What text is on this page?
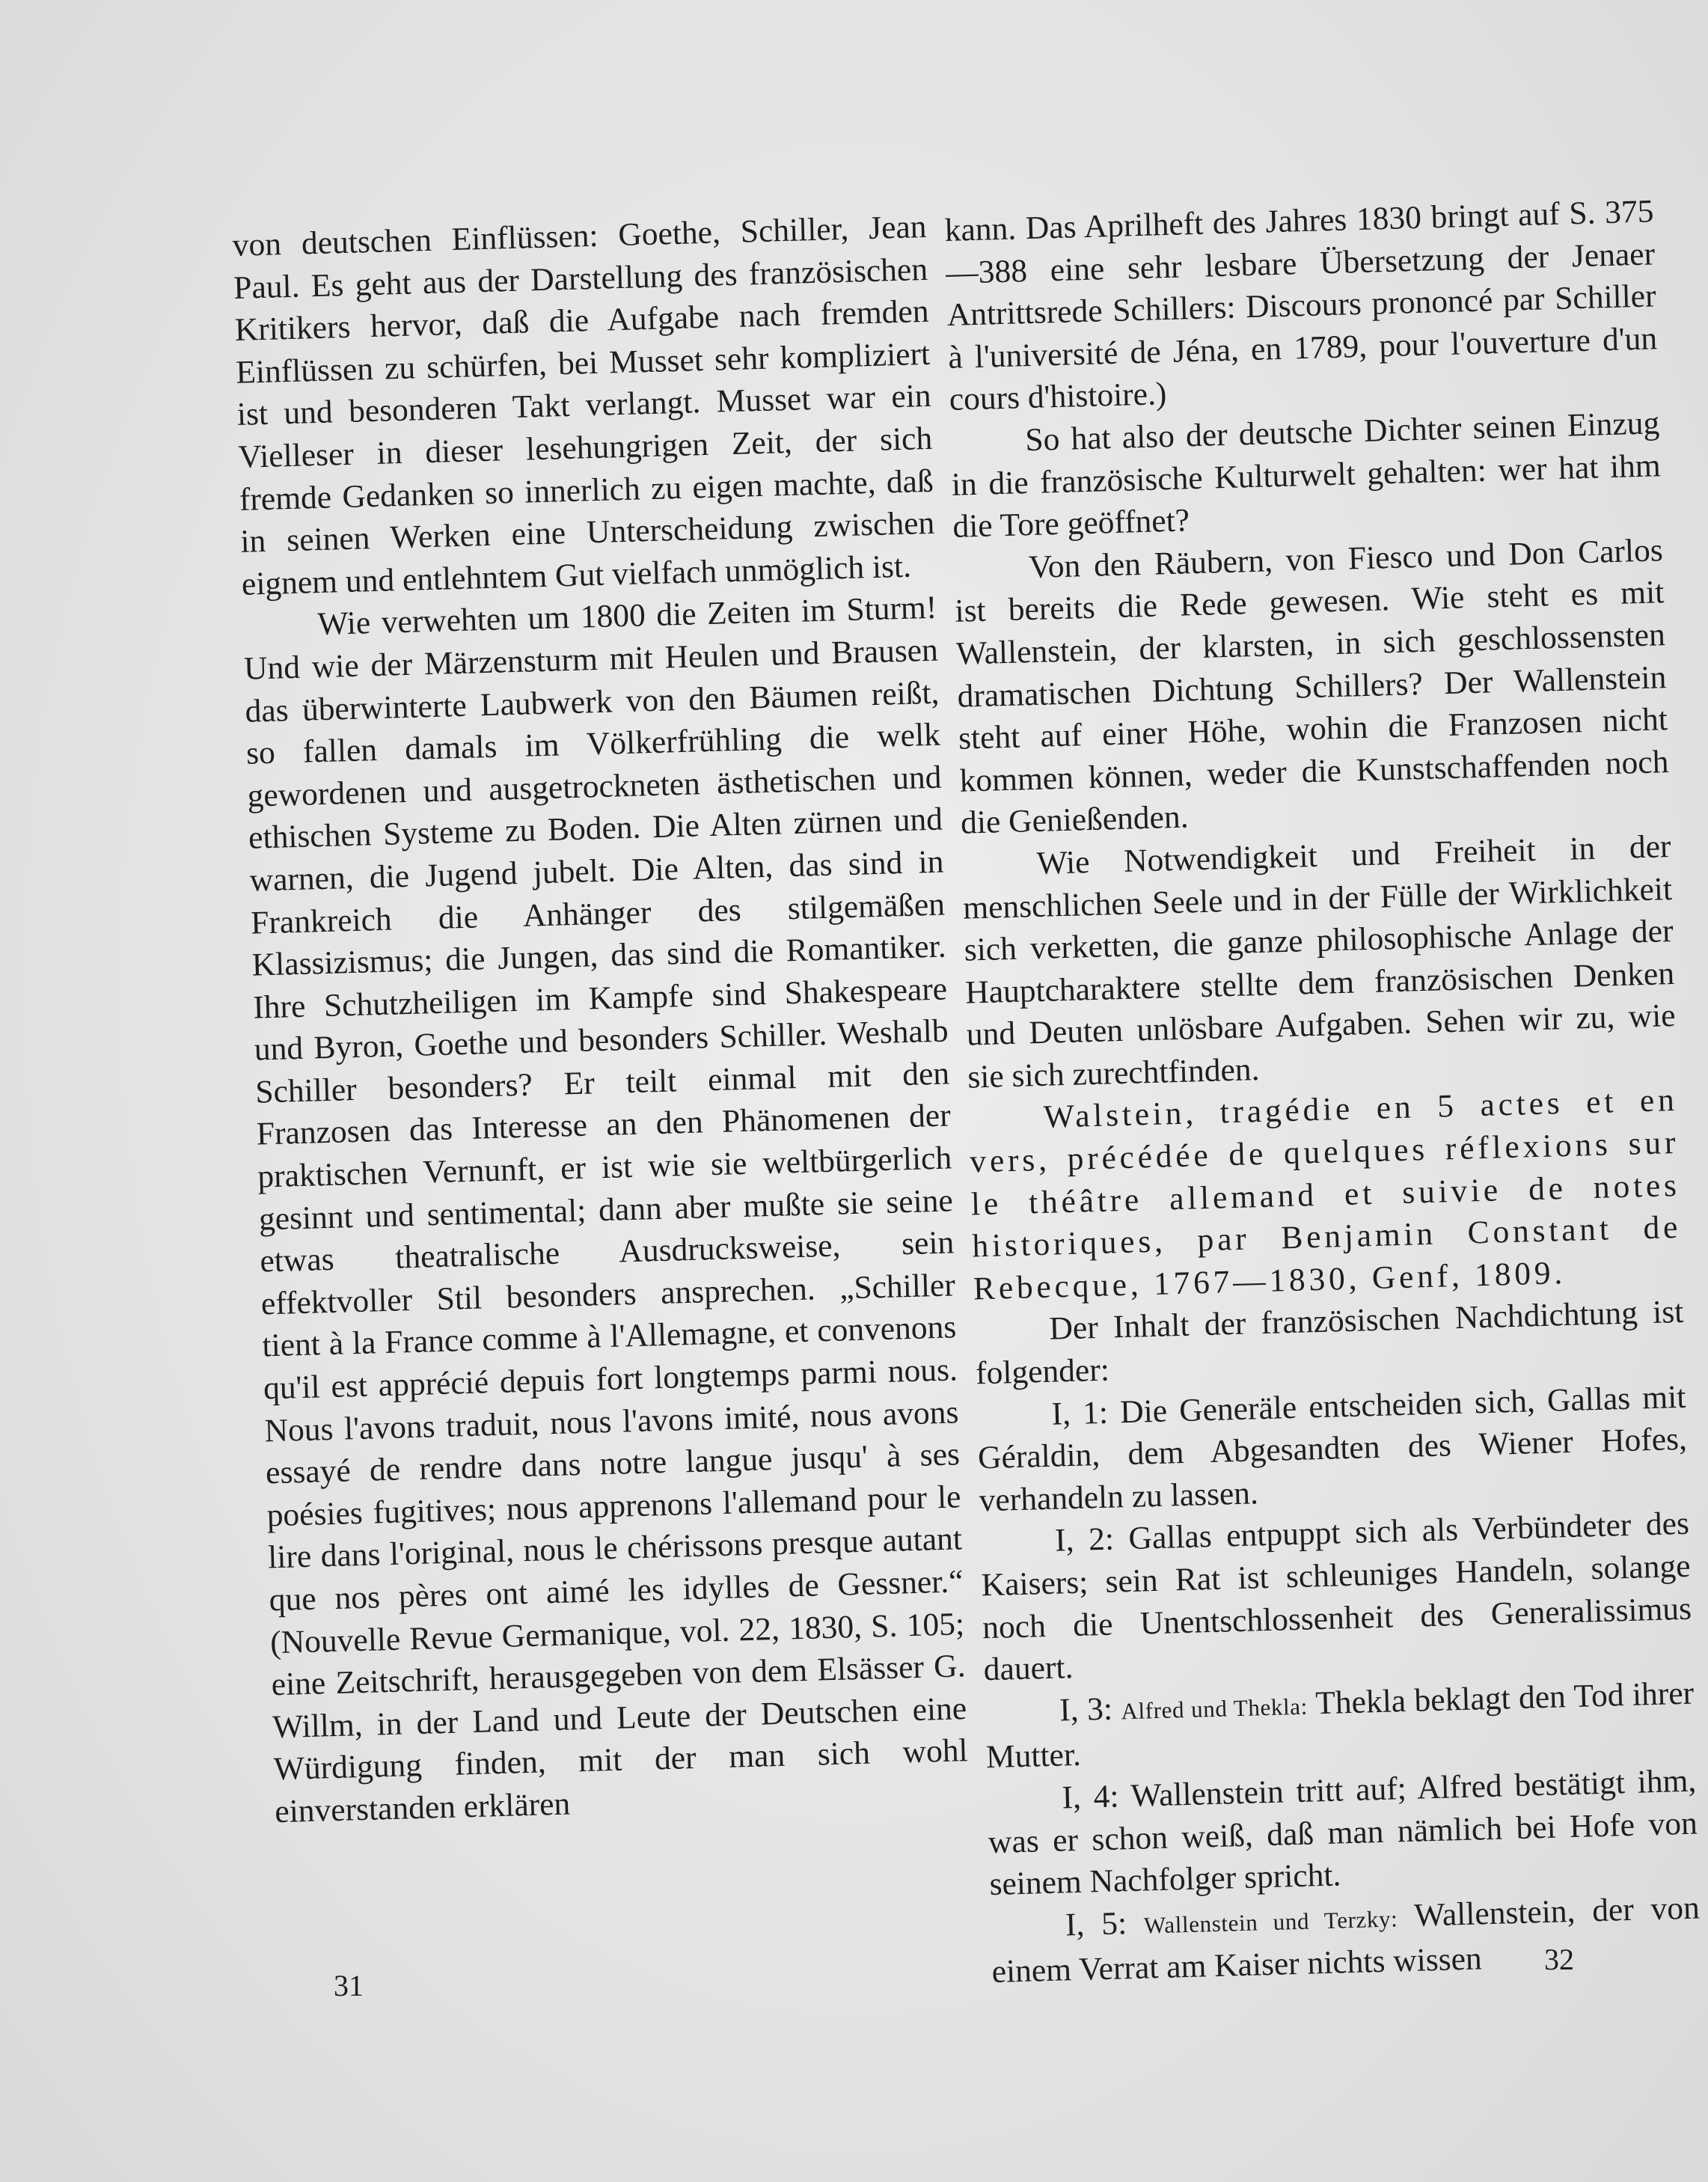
von deutschen Einflüssen: Goethe, Schiller, Jean Paul. Es geht aus der Darstellung des französischen Kritikers hervor, daß die Aufgabe nach fremden Einflüssen zu schürfen, bei Musset sehr kompliziert ist und besonderen Takt verlangt. Musset war ein Vielleser in dieser lesehungrigen Zeit, der sich fremde Gedanken so innerlich zu eigen machte, daß in seinen Werken eine Unterscheidung zwischen eignem und entlehntem Gut vielfach unmöglich ist.

Wie verwehten um 1800 die Zeiten im Sturm! Und wie der Märzensturm mit Heulen und Brausen das überwinterte Laubwerk von den Bäumen reißt, so fallen damals im Völkerfrühling die welk gewordenen und ausgetrockneten ästhetischen und ethischen Systeme zu Boden. Die Alten zürnen und warnen, die Jugend jubelt. Die Alten, das sind in Frankreich die Anhänger des stilgemäßen Klassizismus; die Jungen, das sind die Romantiker. Ihre Schutzheiligen im Kampfe sind Shakespeare und Byron, Goethe und besonders Schiller. Weshalb Schiller besonders? Er teilt einmal mit den Franzosen das Interesse an den Phänomenen der praktischen Vernunft, er ist wie sie weltbürgerlich gesinnt und sentimental; dann aber mußte sie seine etwas theatralische Ausdrucksweise, sein effektvoller Stil besonders ansprechen. „Schiller tient à la France comme à l'Allemagne, et convenons qu'il est apprécié depuis fort longtemps parmi nous. Nous l'avons traduit, nous l'avons imité, nous avons essayé de rendre dans notre langue jusqu' à ses poésies fugitives; nous apprenons l'allemand pour le lire dans l'original, nous le chérissons presque autant que nos pères ont aimé les idylles de Gessner.“ (Nouvelle Revue Germanique, vol. 22, 1830, S. 105; eine Zeitschrift, herausgegeben von dem Elsässer G. Willm, in der Land und Leute der Deutschen eine Würdigung finden, mit der man sich wohl einverstanden erklären

kann. Das Aprilheft des Jahres 1830 bringt auf S. 375—388 eine sehr lesbare Übersetzung der Jenaer Antrittsrede Schillers: Discours prononcé par Schiller à l'université de Jéna, en 1789, pour l'ouverture d'un cours d'histoire.)

So hat also der deutsche Dichter seinen Einzug in die französische Kulturwelt gehalten: wer hat ihm die Tore geöffnet?

Von den Räubern, von Fiesco und Don Carlos ist bereits die Rede gewesen. Wie steht es mit Wallenstein, der klarsten, in sich geschlossensten dramatischen Dichtung Schillers? Der Wallenstein steht auf einer Höhe, wohin die Franzosen nicht kommen können, weder die Kunstschaffenden noch die Genießenden.

Wie Notwendigkeit und Freiheit in der menschlichen Seele und in der Fülle der Wirklichkeit sich verketten, die ganze philosophische Anlage der Hauptcharaktere stellte dem französischen Denken und Deuten unlösbare Aufgaben. Sehen wir zu, wie sie sich zurechtfinden.

Walstein, tragédie en 5 actes et en vers, précédée de quelques réflexions sur le théâtre allemand et suivie de notes historiques, par Benjamin Constant de Rebecque, 1767—1830, Genf, 1809.

Der Inhalt der französischen Nachdichtung ist folgender:

I, 1: Die Generäle entscheiden sich, Gallas mit Géraldin, dem Abgesandten des Wiener Hofes, verhandeln zu lassen.

I, 2: Gallas entpuppt sich als Verbündeter des Kaisers; sein Rat ist schleuniges Handeln, solange noch die Unentschlossenheit des Generalissimus dauert.

I, 3: Alfred und Thekla: Thekla beklagt den Tod ihrer Mutter.

I, 4: Wallenstein tritt auf; Alfred bestätigt ihm, was er schon weiß, daß man nämlich bei Hofe von seinem Nachfolger spricht.

I, 5: Wallenstein und Terzky: Wallenstein, der von einem Verrat am Kaiser nichts wissen

31
32
